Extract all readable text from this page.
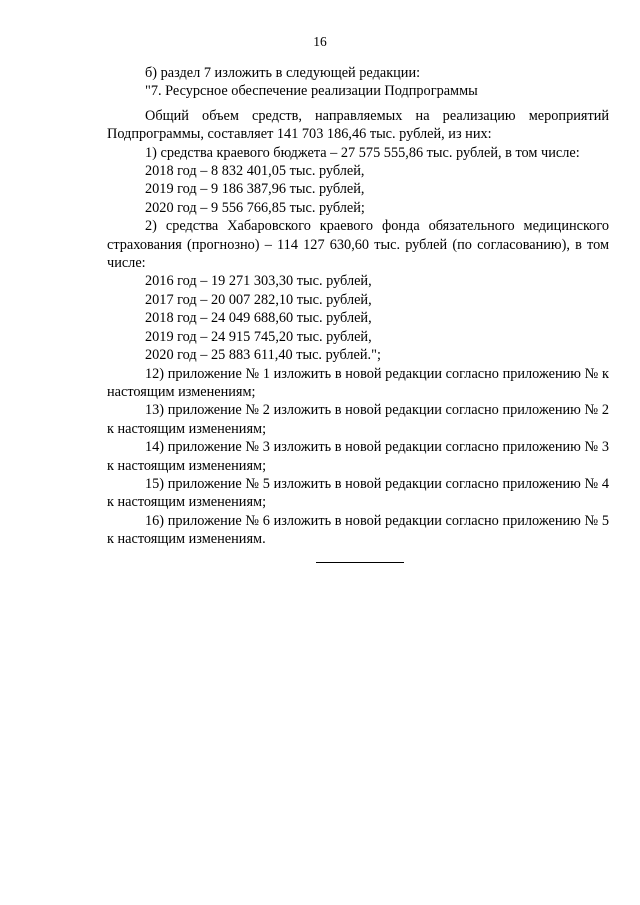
16

б) раздел 7 изложить в следующей редакции:

"7. Ресурсное обеспечение реализации Подпрограммы

Общий объем средств, направляемых на реализацию мероприятий Подпрограммы, составляет 141 703 186,46 тыс. рублей, из них:

1) средства краевого бюджета – 27 575 555,86 тыс. рублей, в том числе:

2018 год – 8 832 401,05 тыс. рублей,

2019 год – 9 186 387,96 тыс. рублей,

2020 год – 9 556 766,85 тыс. рублей;

2) средства Хабаровского краевого фонда обязательного медицинского страхования (прогнозно) – 114 127 630,60 тыс. рублей (по согласованию), в том числе:

2016 год – 19 271 303,30 тыс. рублей,

2017 год – 20 007 282,10 тыс. рублей,

2018 год – 24 049 688,60 тыс. рублей,

2019 год – 24 915 745,20 тыс. рублей,

2020 год – 25 883 611,40 тыс. рублей.";

12) приложение № 1 изложить в новой редакции согласно приложению № к настоящим изменениям;

13) приложение № 2 изложить в новой редакции согласно приложению № 2 к настоящим изменениям;

14) приложение № 3 изложить в новой редакции согласно приложению № 3 к настоящим изменениям;

15) приложение № 5 изложить в новой редакции согласно приложению № 4 к настоящим изменениям;

16) приложение № 6 изложить в новой редакции согласно приложению № 5 к настоящим изменениям.
